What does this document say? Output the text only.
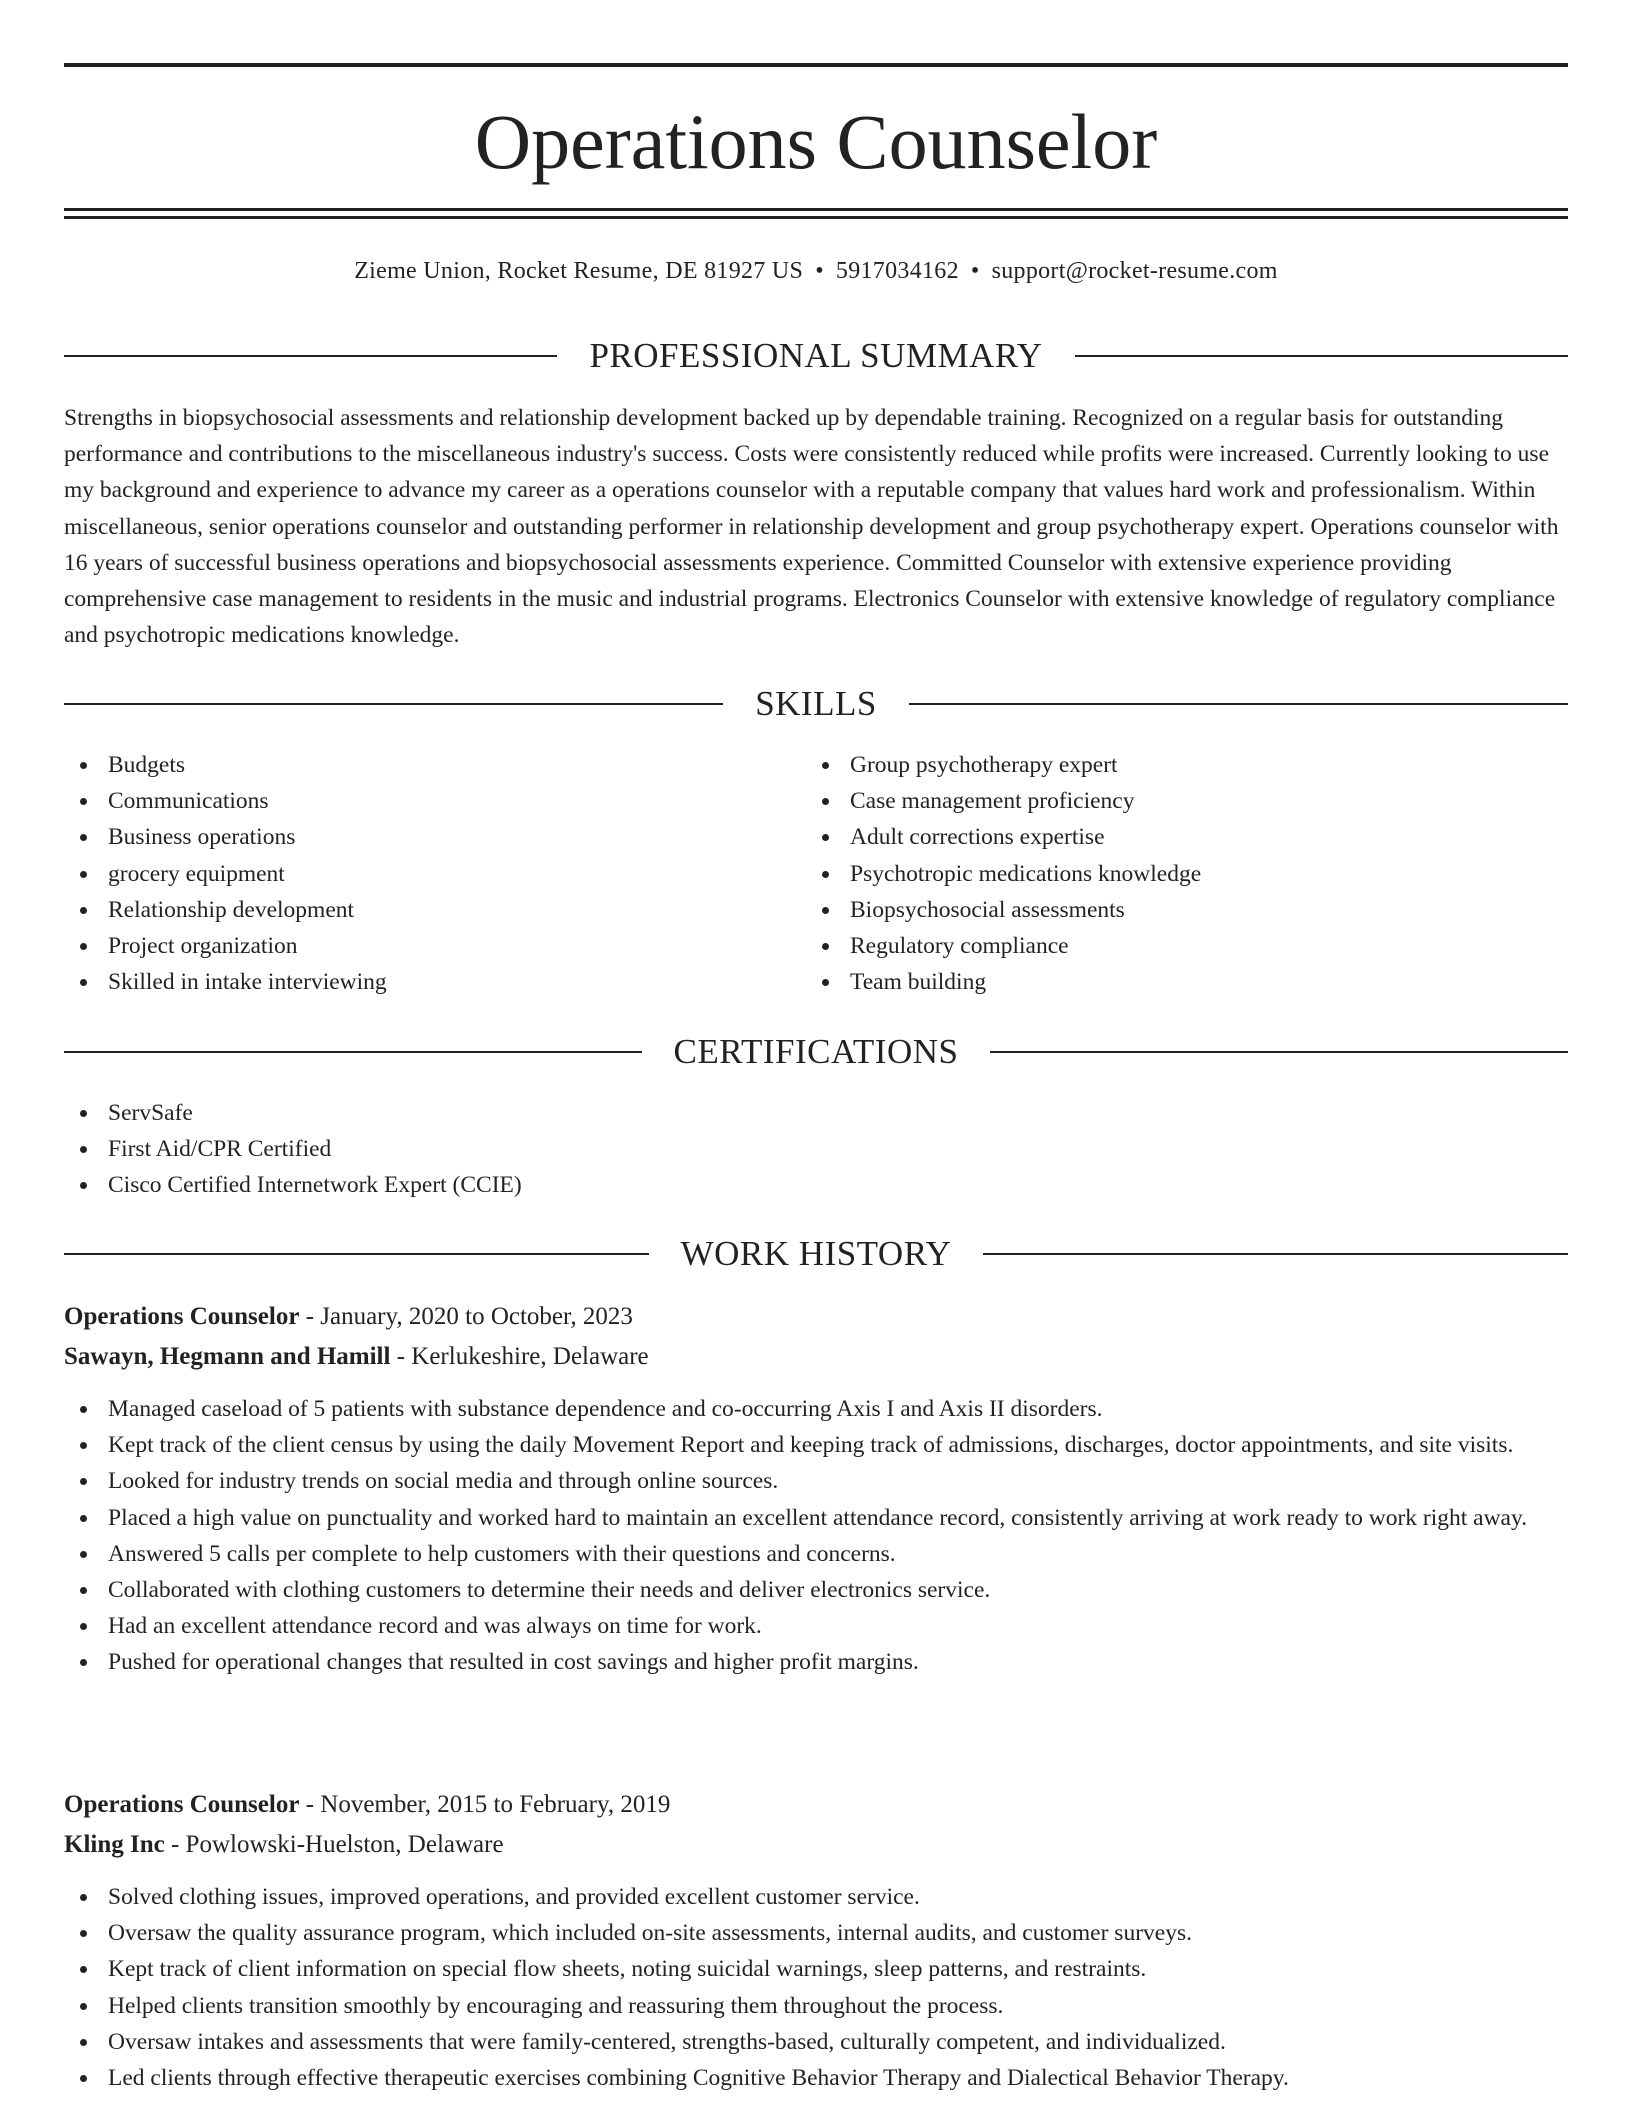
Operations Counselor
Zieme Union, Rocket Resume, DE 81927 US • 5917034162 • support@rocket-resume.com
PROFESSIONAL SUMMARY

Strengths in biopsychosocial assessments and relationship development backed up by dependable training. Recognized on a regular basis for outstanding performance and contributions to the miscellaneous industry's success. Costs were consistently reduced while profits were increased. Currently looking to use my background and experience to advance my career as a operations counselor with a reputable company that values hard work and professionalism. Within miscellaneous, senior operations counselor and outstanding performer in relationship development and group psychotherapy expert. Operations counselor with 16 years of successful business operations and biopsychosocial assessments experience. Committed Counselor with extensive experience providing comprehensive case management to residents in the music and industrial programs. Electronics Counselor with extensive knowledge of regulatory compliance and psychotropic medications knowledge.

SKILLS
Budgets
Communications
Business operations
grocery equipment
Relationship development
Project organization
Skilled in intake interviewing
Group psychotherapy expert
Case management proficiency
Adult corrections expertise
Psychotropic medications knowledge
Biopsychosocial assessments
Regulatory compliance
Team building
CERTIFICATIONS
ServSafe
First Aid/CPR Certified
Cisco Certified Internetwork Expert (CCIE)
WORK HISTORY
Operations Counselor - January, 2020 to October, 2023
Sawayn, Hegmann and Hamill - Kerlukeshire, Delaware
Managed caseload of 5 patients with substance dependence and co-occurring Axis I and Axis II disorders.
Kept track of the client census by using the daily Movement Report and keeping track of admissions, discharges, doctor appointments, and site visits.
Looked for industry trends on social media and through online sources.
Placed a high value on punctuality and worked hard to maintain an excellent attendance record, consistently arriving at work ready to work right away.
Answered 5 calls per complete to help customers with their questions and concerns.
Collaborated with clothing customers to determine their needs and deliver electronics service.
Had an excellent attendance record and was always on time for work.
Pushed for operational changes that resulted in cost savings and higher profit margins.
Operations Counselor - November, 2015 to February, 2019
Kling Inc - Powlowski-Huelston, Delaware
Solved clothing issues, improved operations, and provided excellent customer service.
Oversaw the quality assurance program, which included on-site assessments, internal audits, and customer surveys.
Kept track of client information on special flow sheets, noting suicidal warnings, sleep patterns, and restraints.
Helped clients transition smoothly by encouraging and reassuring them throughout the process.
Oversaw intakes and assessments that were family-centered, strengths-based, culturally competent, and individualized.
Led clients through effective therapeutic exercises combining Cognitive Behavior Therapy and Dialectical Behavior Therapy.
